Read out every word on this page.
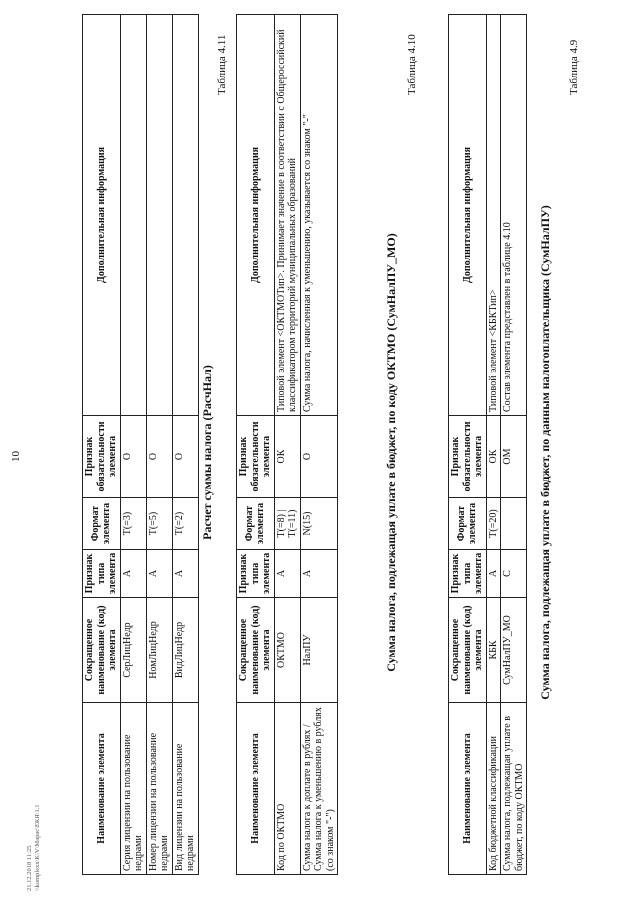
10
Таблица 4.9
Сумма налога, подлежащая уплате в бюджет, по данным налогоплательщика (СумНалПУ)
Наименование элемента	Сокращенное наименование (код) элемента	Признак типа элемента	Формат элемента	Признак обязательности элемента	Дополнительная информация
Код бюджетной классификации	КБК	А	T(=20)	ОК	Типовой элемент <КБКТип>
Сумма налога, подлежащая уплате в бюджет, по коду ОКТМО	СумНалПУ_МО	С		ОМ	Состав элемента представлен в таблице 4.10
Таблица 4.10
Сумма налога, подлежащая уплате в бюджет, по коду ОКТМО (СумНалПУ_МО)
Наименование элемента	Сокращенное наименование (код) элемента	Признак типа элемента	Формат элемента	Признак обязательности элемента	Дополнительная информация
Код по ОКТМО	ОКТМО	А	T(=8) | T(=11)	ОК	Типовой элемент <ОКТМОТип>. Принимает значение в соответствии с Общероссийский классификатором территорий муниципальных образований
Сумма налога к доплате в рублях / Сумма налога к уменьшению в рублях (со знаком "-")	НалПУ	А	N(15)	О	Сумма налога, начисленная к уменьшению, указывается со знаком "-"
Таблица 4.11
Расчет суммы налога (РасчНал)
Наименование элемента	Сокращенное наименование (код) элемента	Признак типа элемента	Формат элемента	Признак обязательности элемента	Дополнительная информация
Серия лицензии на пользование недрами	СерЛицНедр	А	T(=3)	О	
Номер лицензии на пользование недрами	НомЛицНедр	А	T(=5)	О	
Вид лицензии на пользование недрами	ВидЛицНедр	А	T(=2)	О	
21.12.2018 11:25 \\komplexx\K\V\Mapac\ЕКЯ\1.1
